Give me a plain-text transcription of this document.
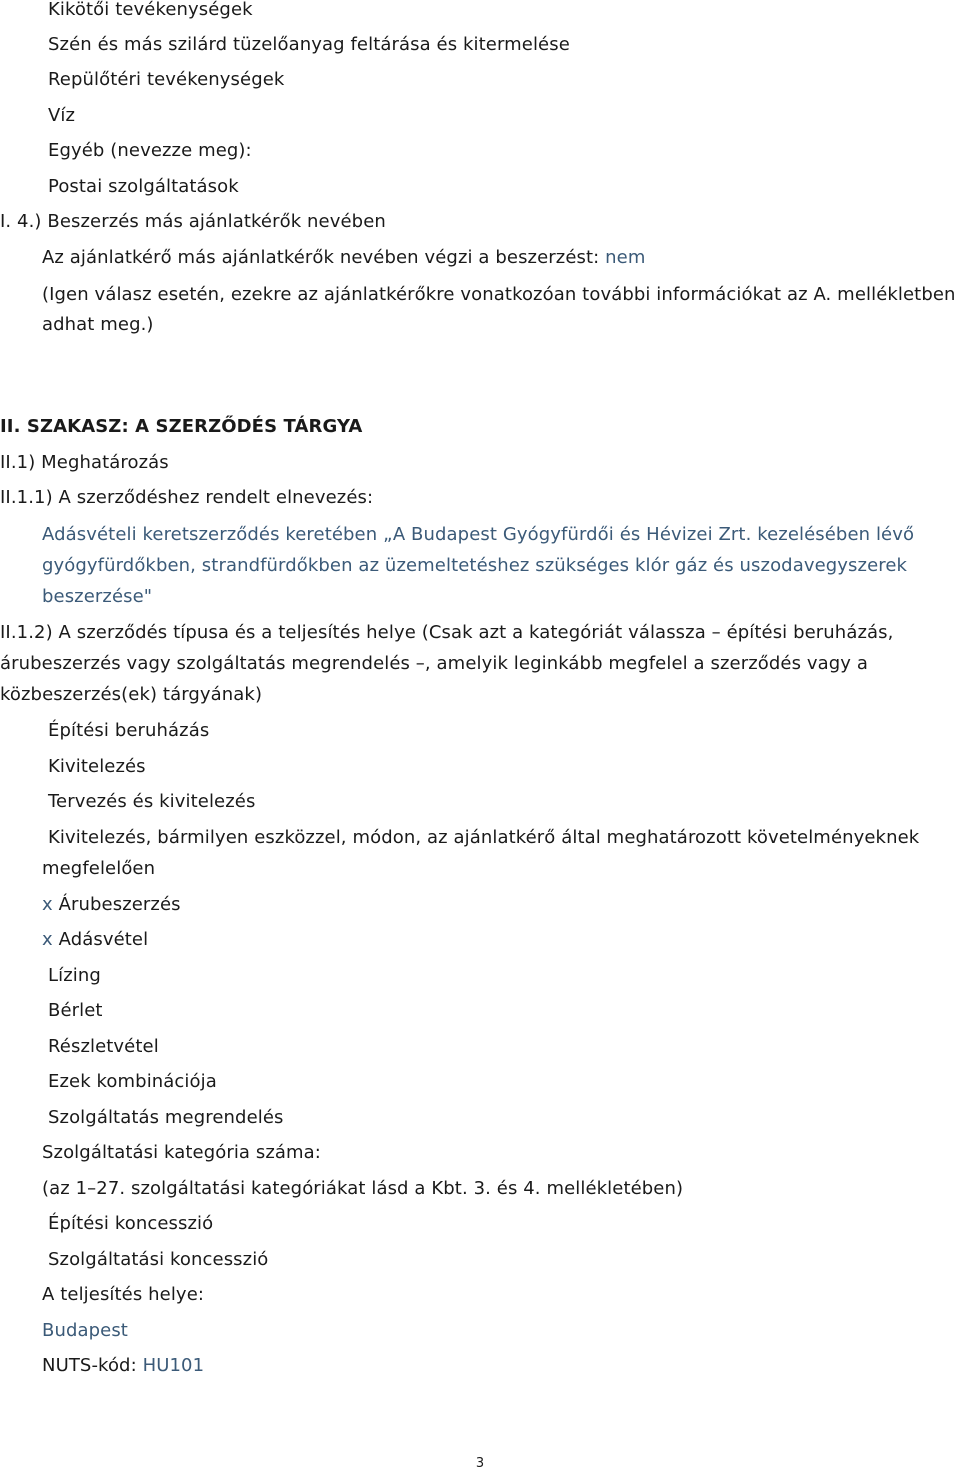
Kikötői tevékenységek
Szén és más szilárd tüzelőanyag feltárása és kitermelése
Repülőtéri tevékenységek
Víz
Egyéb (nevezze meg):
Postai szolgáltatások
I. 4.) Beszerzés más ajánlatkérők nevében
Az ajánlatkérő más ajánlatkérők nevében végzi a beszerzést: nem
(Igen válasz esetén, ezekre az ajánlatkérőkre vonatkozóan további információkat az A. mellékletben
adhat meg.)
II. SZAKASZ: A SZERZŐDÉS TÁRGYA
II.1) Meghatározás
II.1.1) A szerződéshez rendelt elnevezés:
Adásvételi keretszerződés keretében „A Budapest Gyógyfürdői és Hévizei Zrt. kezelésében lévő
gyógyfürdőkben, strandfürdőkben az üzemeltetéshez szükséges klór gáz és uszodavegyszerek
beszerzése"
II.1.2) A szerződés típusa és a teljesítés helye (Csak azt a kategóriát válassza – építési beruházás,
árubeszerzés vagy szolgáltatás megrendelés –, amelyik leginkább megfelel a szerződés vagy a
közbeszerzés(ek) tárgyának)
Építési beruházás
Kivitelezés
Tervezés és kivitelezés
Kivitelezés, bármilyen eszközzel, módon, az ajánlatkérő által meghatározott követelményeknek
megfelelően
x Árubeszerzés
x Adásvétel
Lízing
Bérlet
Részletvétel
Ezek kombinációja
Szolgáltatás megrendelés
Szolgáltatási kategória száma:
(az 1–27. szolgáltatási kategóriákat lásd a Kbt. 3. és 4. mellékletében)
Építési koncesszió
Szolgáltatási koncesszió
A teljesítés helye:
Budapest
NUTS-kód: HU101
3
